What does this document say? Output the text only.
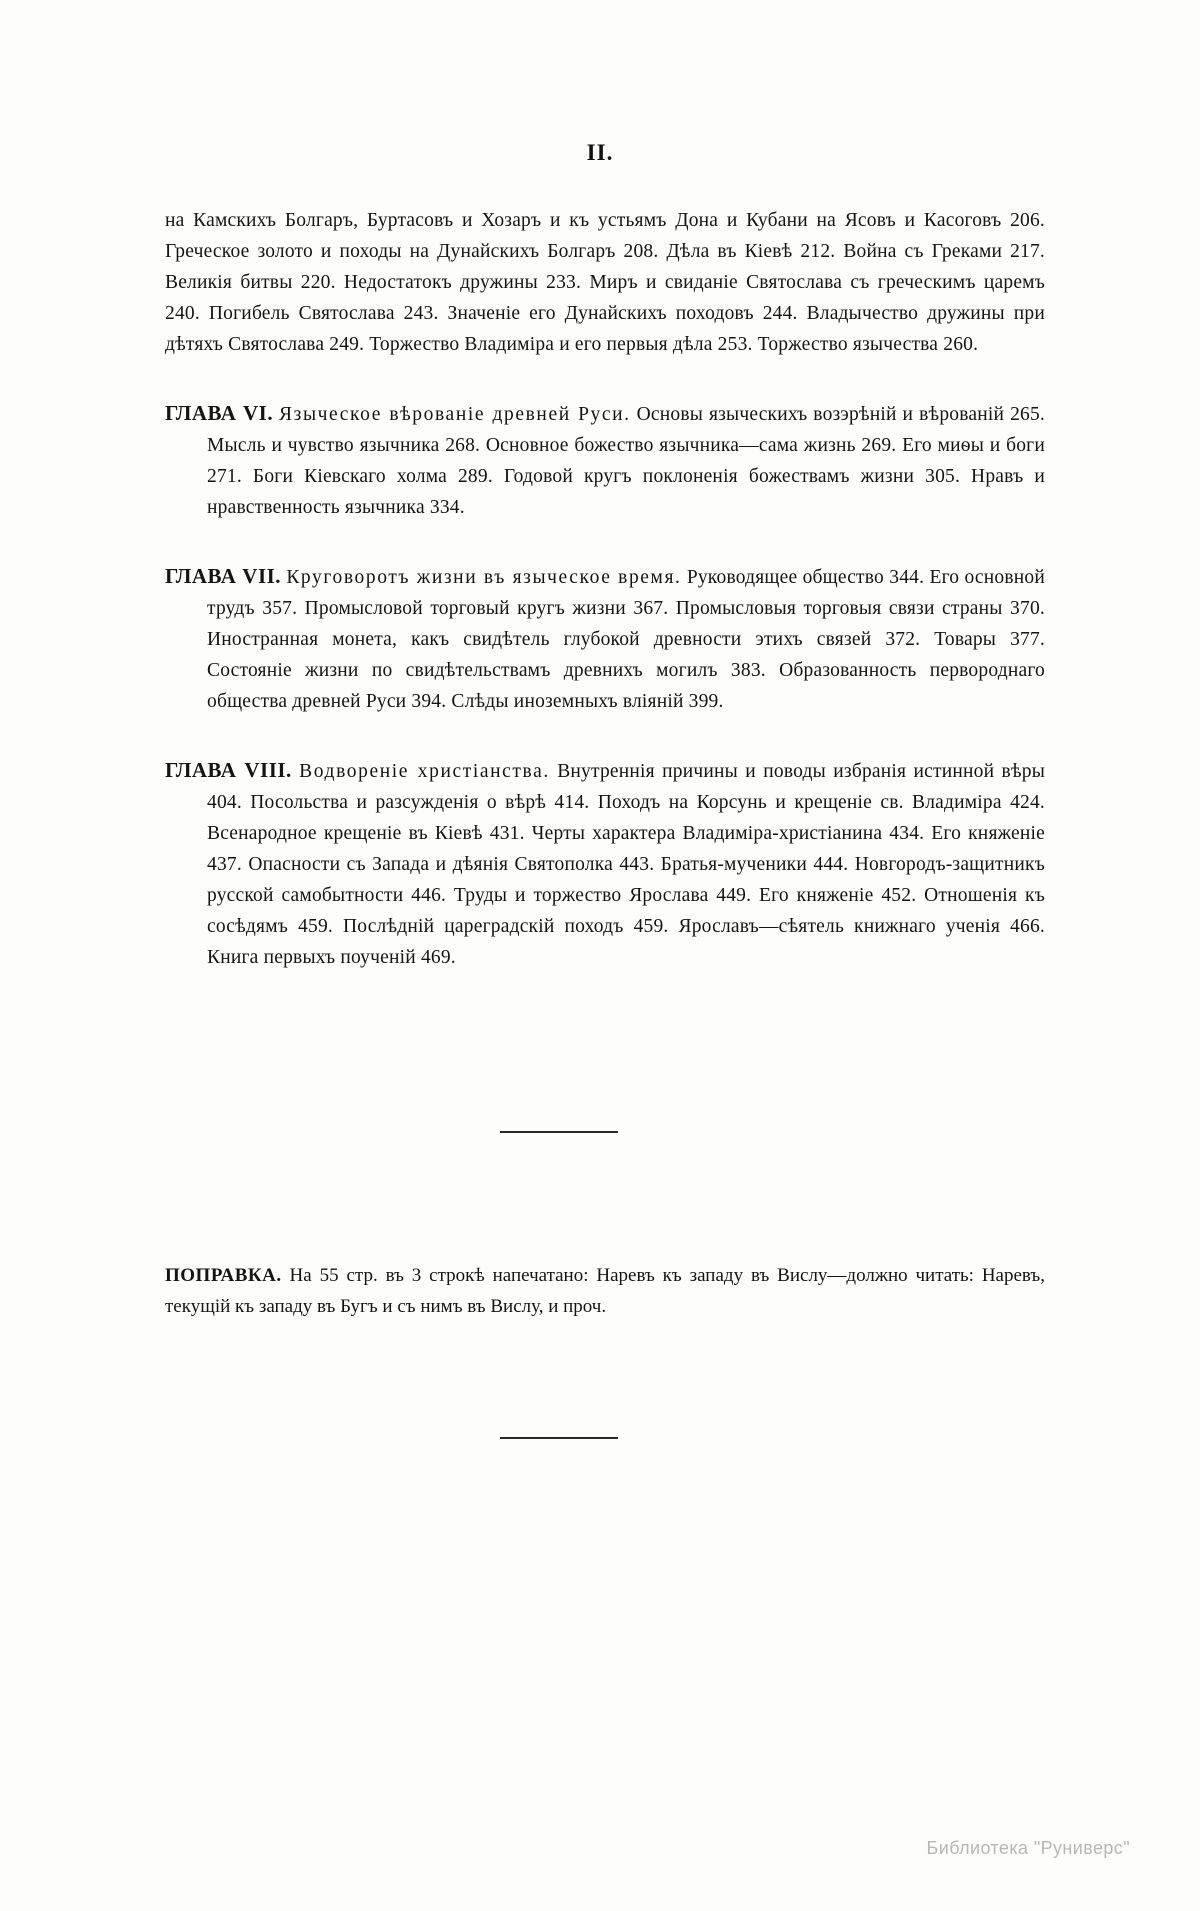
II.
на Камскихъ Болгаръ, Буртасовъ и Хозаръ и къ устьямъ Дона и Кубани на Ясовъ и Касоговъ 206. Греческое золото и походы на Дунайскихъ Болгаръ 208. Дѣла въ Кіевѣ 212. Война съ Греками 217. Великія битвы 220. Недостатокъ дружины 233. Миръ и свиданіе Святослава съ греческимъ царемъ 240. Погибель Святослава 243. Значеніе его Дунайскихъ походовъ 244. Владычество дружины при дѣтяхъ Святослава 249. Торжество Владиміра и его первыя дѣла 253. Торжество язычества 260.
ГЛАВА VI. Языческое вѣрованіе древней Руси. Основы языческихъ возэрѣній и вѣрованій 265. Мысль и чувство язычника 268. Основное божество язычника—сама жизнь 269. Его миѳы и боги 271. Боги Кіевскаго холма 289. Годовой кругъ поклоненія божествамъ жизни 305. Нравъ и нравственность язычника 334.
ГЛАВА VII. Круговоротъ жизни въ языческое время. Руководящее общество 344. Его основной трудъ 357. Промысловой торговый кругъ жизни 367. Промысловыя торговыя связи страны 370. Иностранная монета, какъ свидѣтель глубокой древности этихъ связей 372. Товары 377. Состояніе жизни по свидѣтельствамъ древнихъ могилъ 383. Образованность первороднаго общества древней Руси 394. Слѣды иноземныхъ вліяній 399.
ГЛАВА VIII. Водвореніе христіанства. Внутреннія причины и поводы избранія истинной вѣры 404. Посольства и разсужденія о вѣрѣ 414. Походъ на Корсунь и крещеніе св. Владиміра 424. Всенародное крещеніе въ Кіевѣ 431. Черты характера Владиміра-христіанина 434. Его княженіе 437. Опасности съ Запада и дѣянія Святополка 443. Братья-мученики 444. Новгородъ-защитникъ русской самобытности 446. Труды и торжество Ярослава 449. Его княженіе 452. Отношенія къ сосѣдямъ 459. Послѣдній цареградскій походъ 459. Ярославъ—сѣятель книжнаго ученія 466. Книга первыхъ поученій 469.
ПОПРАВКА. На 55 стр. въ 3 строкѣ напечатано: Наревъ къ западу въ Вислу—должно читать: Наревъ, текущій къ западу въ Бугъ и съ нимъ въ Вислу, и проч.
Библиотека "Руниверс"
